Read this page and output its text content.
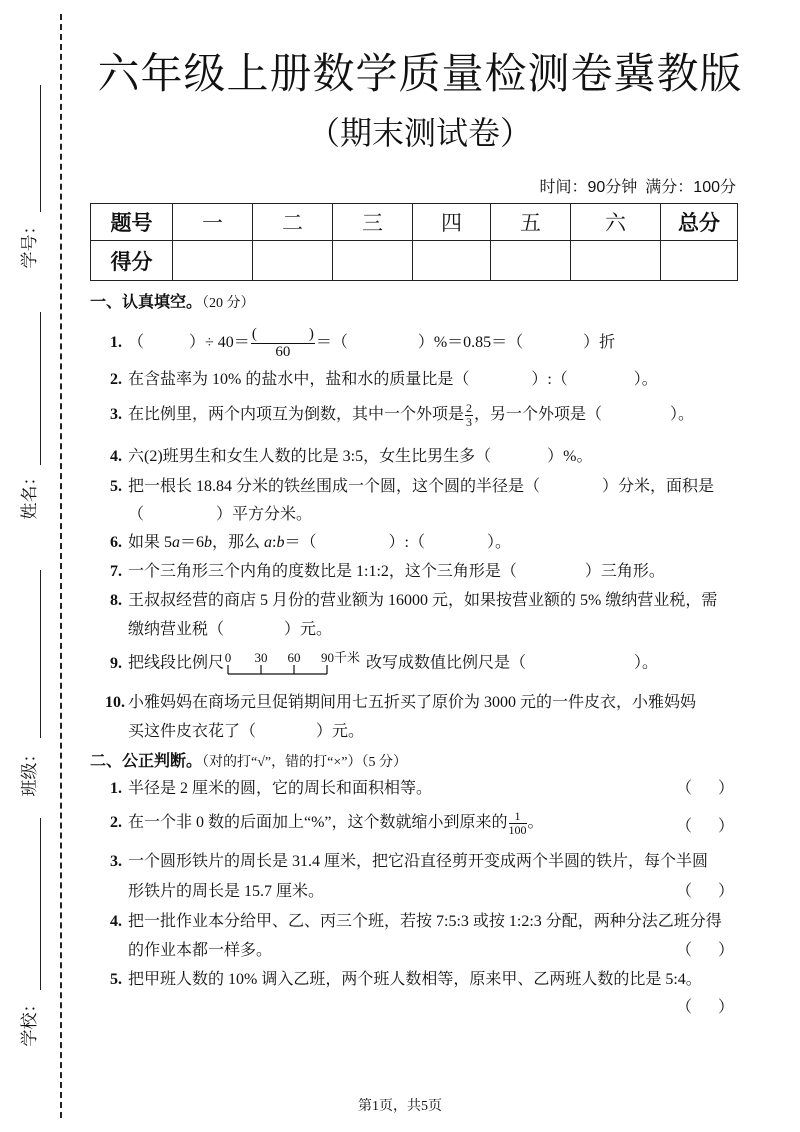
学号：
姓名：
班级：
学校：
六年级上册数学质量检测卷冀教版
（期末测试卷）
时间：90分钟 满分：100分
题号	一	二	三	四	五	六	总分
得分							
一、认真填空。（20 分）
1. （	）÷ 40＝ (	)
60 ＝（	）%＝0.85＝（	）折
2. 在含盐率为 10% 的盐水中，盐和水的质量比是（	）:（	）。
3. 在比例里，两个内项互为倒数，其中一个外项是 $\frac{2}{3}$ ，另一个外项是（	）。
4. 六(2)班男生和女生人数的比是 3:5，女生比男生多（	）%。
5. 把一根长 18.84 分米的铁丝围成一个圆，这个圆的半径是（	）分米，面积是
（	）平方分米。
6. 如果 5a＝6b，那么 a:b＝（	）:（	）。
7. 一个三角形三个内角的度数比是 1:1:2，这个三角形是（	）三角形。
8. 王叔叔经营的商店 5 月份的营业额为 16000 元，如果按营业额的 5% 缴纳营业税，需
缴纳营业税（	）元。
9. 把线段比例尺 0 30 60 90千米 改写成数值比例尺是（	）。
10. 小雅妈妈在商场元旦促销期间用七五折买了原价为 3000 元的一件皮衣，小雅妈妈
买这件皮衣花了（	）元。
二、公正判断。（对的打“√”，错的打“×”）（5 分）
1. 半径是 2 厘米的圆，它的周长和面积相等。	（ ）
2. 在一个非 0 数的后面加上“%”，这个数就缩小到原来的 $\frac{1}{100}$ 。	（ ）
3. 一个圆形铁片的周长是 31.4 厘米，把它沿直径剪开变成两个半圆的铁片，每个半圆
形铁片的周长是 15.7 厘米。	（ ）
4. 把一批作业本分给甲、乙、丙三个班，若按 7:5:3 或按 1:2:3 分配，两种分法乙班分得
的作业本都一样多。	（ ）
5. 把甲班人数的 10% 调入乙班，两个班人数相等，原来甲、乙两班人数的比是 5:4。
（ ）
第1页，共5页
